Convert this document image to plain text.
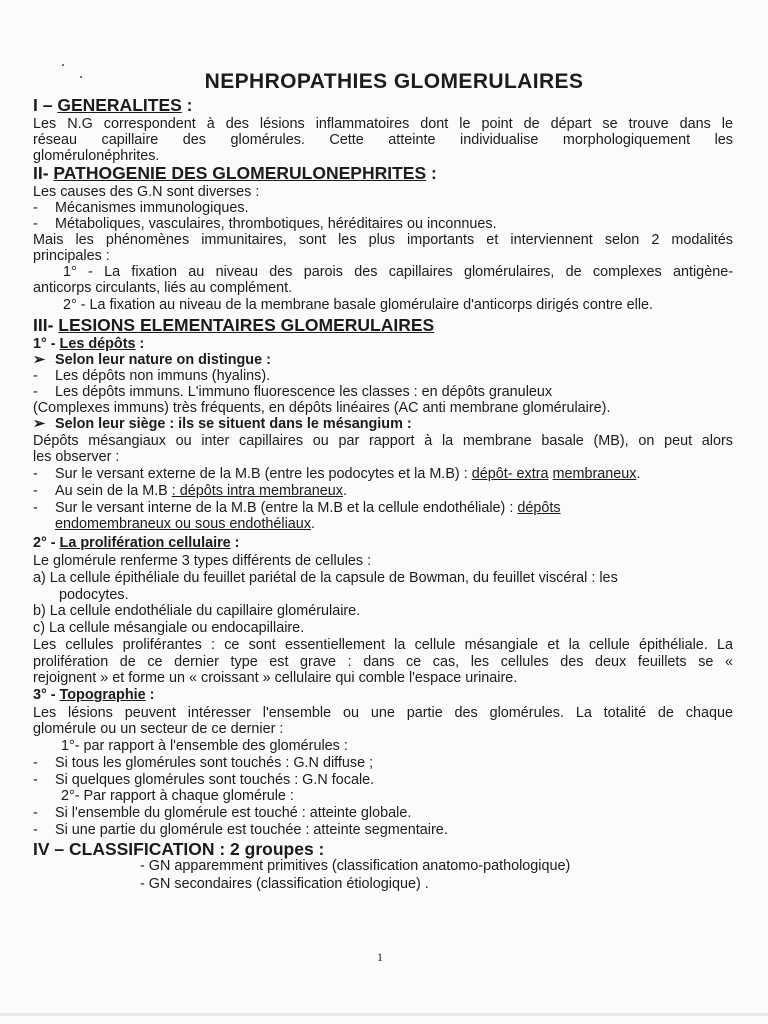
NEPHROPATHIES GLOMERULAIRES
I – GENERALITES :
Les N.G correspondent à des lésions inflammatoires dont le point de départ se trouve dans le
réseau capillaire des glomérules. Cette atteinte individualise morphologiquement les
glomérulonéphrites.
II- PATHOGENIE DES GLOMERULONEPHRITES :
Les causes des G.N sont diverses :
- Mécanismes immunologiques.
- Métaboliques, vasculaires, thrombotiques, héréditaires ou inconnues.
Mais les phénomènes immunitaires, sont les plus importants et interviennent selon 2 modalités
principales :
1° - La fixation au niveau des parois des capillaires glomérulaires, de complexes antigène-
anticorps circulants, liés au complément.
2° - La fixation au niveau de la membrane basale glomérulaire d'anticorps dirigés contre elle.
III- LESIONS ELEMENTAIRES GLOMERULAIRES
1° - Les dépôts :
➢ Selon leur nature on distingue :
- Les dépôts non immuns (hyalins).
- Les dépôts immuns. L'immuno fluorescence les classes : en dépôts granuleux
(Complexes immuns) très fréquents, en dépôts linéaires (AC anti membrane glomérulaire).
➢ Selon leur siège : ils se situent dans le mésangium :
Dépôts mésangiaux ou inter capillaires ou par rapport à la membrane basale (MB), on peut alors
les observer :
- Sur le versant externe de la M.B (entre les podocytes et la M.B) : dépôt- extra membraneux.
- Au sein de la M.B : dépôts intra membraneux.
- Sur le versant interne de la M.B (entre la M.B et la cellule endothéliale) : dépôts
endomembraneux ou sous endothéliaux.
2° - La prolifération cellulaire :
Le glomérule renferme 3 types différents de cellules :
a) La cellule épithéliale du feuillet pariétal de la capsule de Bowman, du feuillet viscéral : les
podocytes.
b) La cellule endothéliale du capillaire glomérulaire.
c) La cellule mésangiale ou endocapillaire.
Les cellules proliférantes : ce sont essentiellement la cellule mésangiale et la cellule épithéliale. La
prolifération de ce dernier type est grave : dans ce cas, les cellules des deux feuillets se «
rejoignent » et forme un « croissant » cellulaire qui comble l'espace urinaire.
3° - Topographie :
Les lésions peuvent intéresser l'ensemble ou une partie des glomérules. La totalité de chaque
glomérule ou un secteur de ce dernier :
1°- par rapport à l'ensemble des glomérules :
- Si tous les glomérules sont touchés : G.N diffuse ;
- Si quelques glomérules sont touchés : G.N focale.
2°- Par rapport à chaque glomérule :
- Si l'ensemble du glomérule est touché : atteinte globale.
- Si une partie du glomérule est touchée : atteinte segmentaire.
IV – CLASSIFICATION : 2 groupes :
- GN apparemment primitives (classification anatomo-pathologique)
- GN secondaires (classification étiologique) .
1
